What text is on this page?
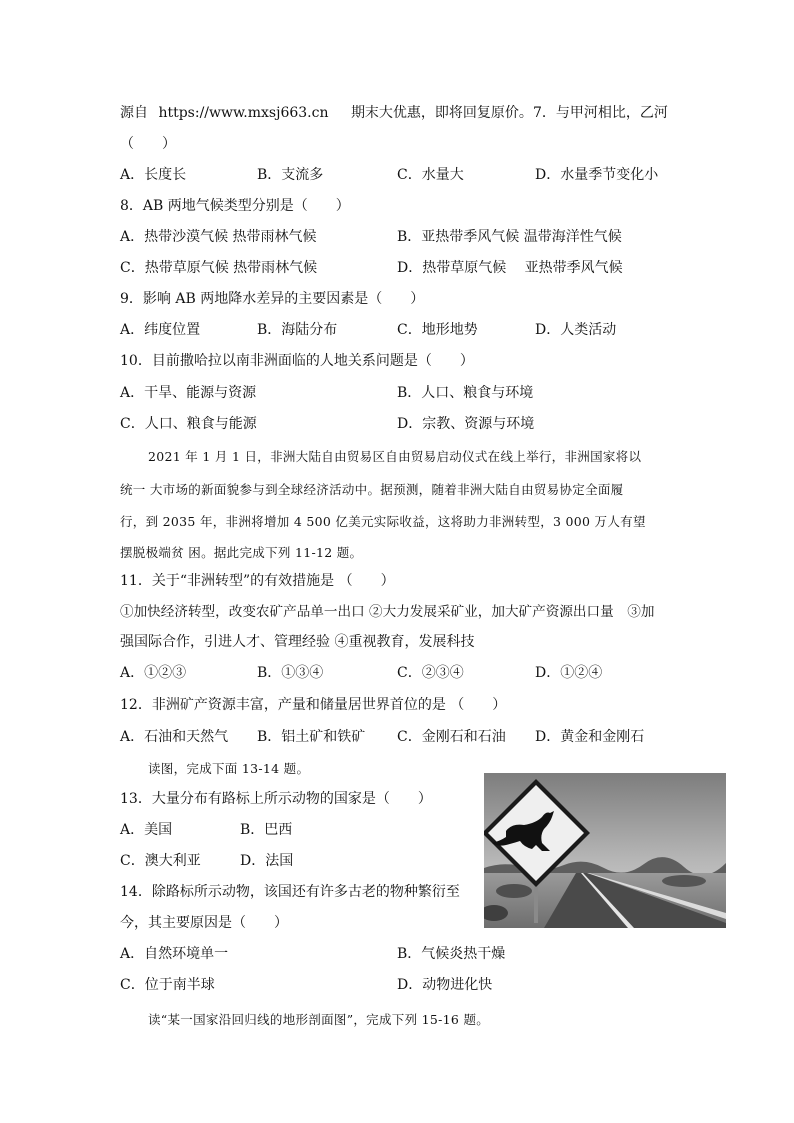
源自 https://www.mxsj663.cn 期末大优惠，即将回复原价。7．与甲河相比，乙河
（　　）
A．长度长	B．支流多	C．水量大	D．水量季节变化小
8．AB 两地气候类型分别是（　　）
A．热带沙漠气候 热带雨林气候	B．亚热带季风气候 温带海洋性气候
C．热带草原气候 热带雨林气候	D．热带草原气候　 亚热带季风气候
9．影响 AB 两地降水差异的主要因素是（　　）
A．纬度位置	B．海陆分布	C．地形地势	D．人类活动
10．目前撒哈拉以南非洲面临的人地关系问题是（　　）
A．干旱、能源与资源	B．人口、粮食与环境
C．人口、粮食与能源	D．宗教、资源与环境
2021 年 1 月 1 日，非洲大陆自由贸易区自由贸易启动仪式在线上举行，非洲国家将以
统一 大市场的新面貌参与到全球经济活动中。据预测，随着非洲大陆自由贸易协定全面履
行，到 2035 年，非洲将增加 4 500 亿美元实际收益，这将助力非洲转型，3 000 万人有望
摆脱极端贫 困。据此完成下列 11-12 题。
11．关于“非洲转型”的有效措施是 （　　）
①加快经济转型，改变农矿产品单一出口 ②大力发展采矿业，加大矿产资源出口量　③加
强国际合作，引进人才、管理经验 ④重视教育，发展科技
A．①②③	B．①③④	C．②③④	D．①②④
12．非洲矿产资源丰富，产量和储量居世界首位的是 （　　）
A．石油和天然气 B．铝土矿和铁矿 C．金刚石和石油 D．黄金和金刚石
读图，完成下面 13-14 题。
13．大量分布有路标上所示动物的国家是（　　）
A．美国	B．巴西
C．澳大利亚	D．法国
14．除路标所示动物，该国还有许多古老的物种繁衍至
今，其主要原因是（　　）
A．自然环境单一	B．气候炎热干燥
C．位于南半球	D．动物进化快
读“某一国家沿回归线的地形剖面图”，完成下列 15-16 题。
